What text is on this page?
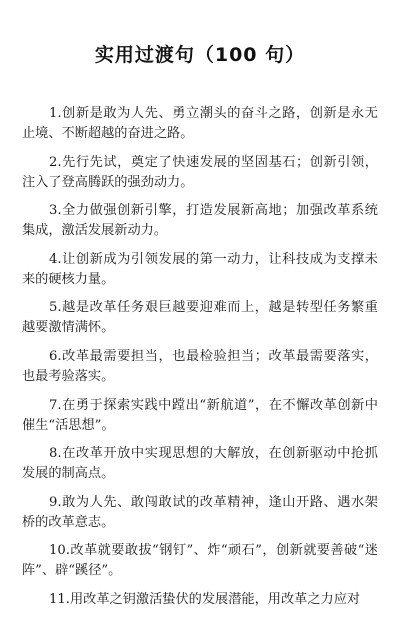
实用过渡句（100 句）

1.创新是敢为人先、勇立潮头的奋斗之路，创新是永无止境、不断超越的奋进之路。

2.先行先试，奠定了快速发展的坚固基石；创新引领，注入了登高腾跃的强劲动力。

3.全力做强创新引擎，打造发展新高地；加强改革系统集成，激活发展新动力。

4.让创新成为引领发展的第一动力，让科技成为支撑未来的硬核力量。

5.越是改革任务艰巨越要迎难而上，越是转型任务繁重越要激情满怀。

6.改革最需要担当，也最检验担当；改革最需要落实，也最考验落实。

7.在勇于探索实践中蹚出“新航道”，在不懈改革创新中催生“活思想”。

8.在改革开放中实现思想的大解放，在创新驱动中抢抓发展的制高点。

9.敢为人先、敢闯敢试的改革精神，逢山开路、遇水架桥的改革意志。

10.改革就要敢拔“钢钉”、炸“顽石”，创新就要善破“迷阵”、辟“蹊径”。

11.用改革之钥激活蛰伏的发展潜能，用改革之力应对
